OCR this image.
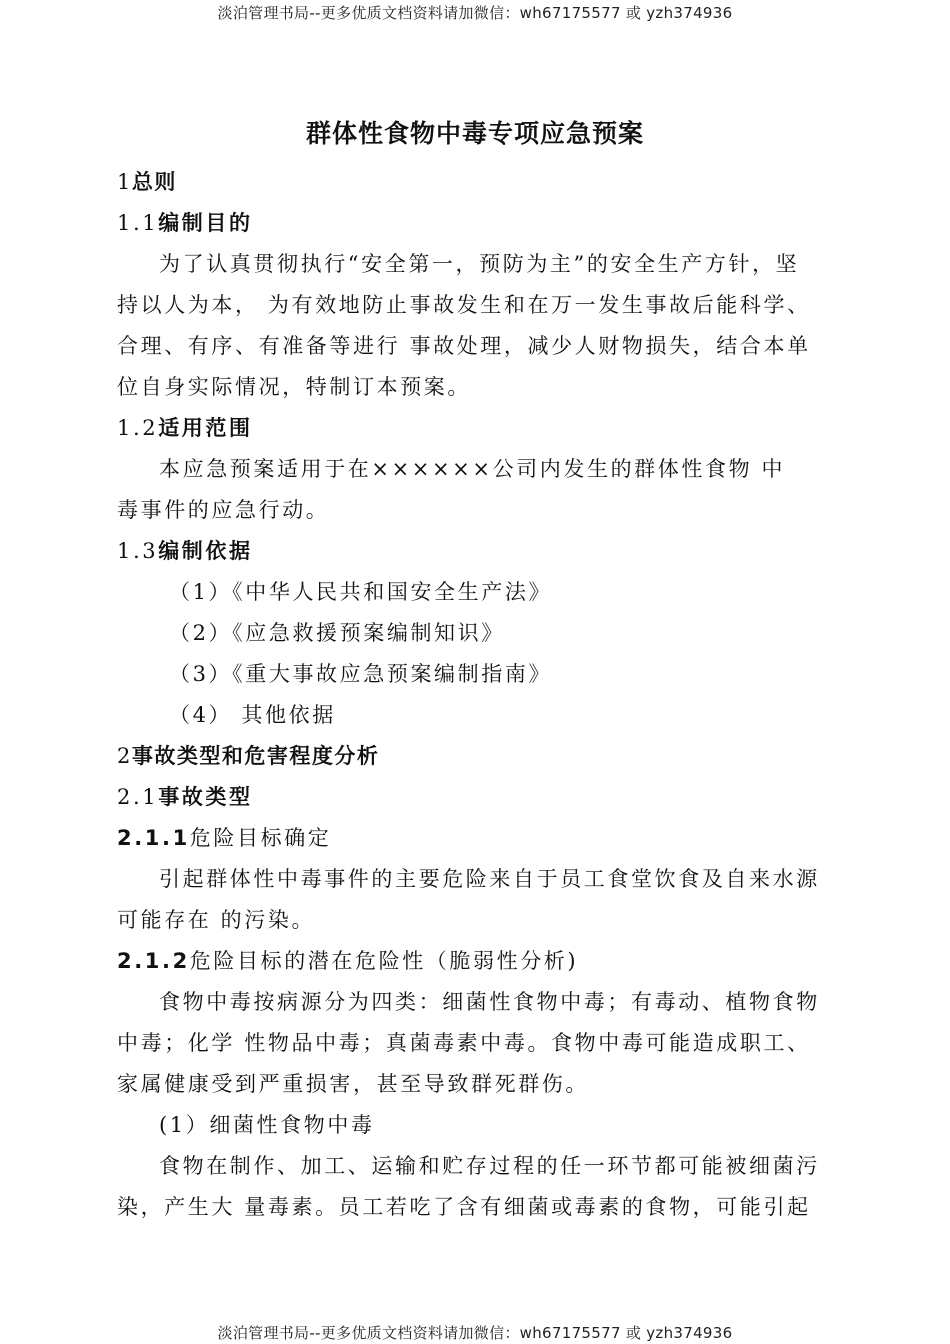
淡泊管理书局--更多优质文档资料请加微信：wh67175577 或 yzh374936
群体性食物中毒专项应急预案
1总则
1.1编制目的
为了认真贯彻执行“安全第一，预防为主”的安全生产方针，坚
持以人为本， 为有效地防止事故发生和在万一发生事故后能科学、
合理、有序、有准备等进行 事故处理，减少人财物损失，结合本单
位自身实际情况，特制订本预案。
1.2适用范围
本应急预案适用于在××××××公司内发生的群体性食物 中
毒事件的应急行动。
1.3编制依据
（1）《中华人民共和国安全生产法》
（2）《应急救援预案编制知识》
（3）《重大事故应急预案编制指南》
（4） 其他依据
2事故类型和危害程度分析
2.1事故类型
2.1.1危险目标确定
引起群体性中毒事件的主要危险来自于员工食堂饮食及自来水源
可能存在 的污染。
2.1.2危险目标的潜在危险性（脆弱性分析)
食物中毒按病源分为四类：细菌性食物中毒；有毒动、植物食物
中毒；化学 性物品中毒；真菌毒素中毒。食物中毒可能造成职工、
家属健康受到严重损害，甚至导致群死群伤。
(1）细菌性食物中毒
食物在制作、加工、运输和贮存过程的任一环节都可能被细菌污
染，产生大 量毒素。员工若吃了含有细菌或毒素的食物，可能引起
淡泊管理书局--更多优质文档资料请加微信：wh67175577 或 yzh374936
